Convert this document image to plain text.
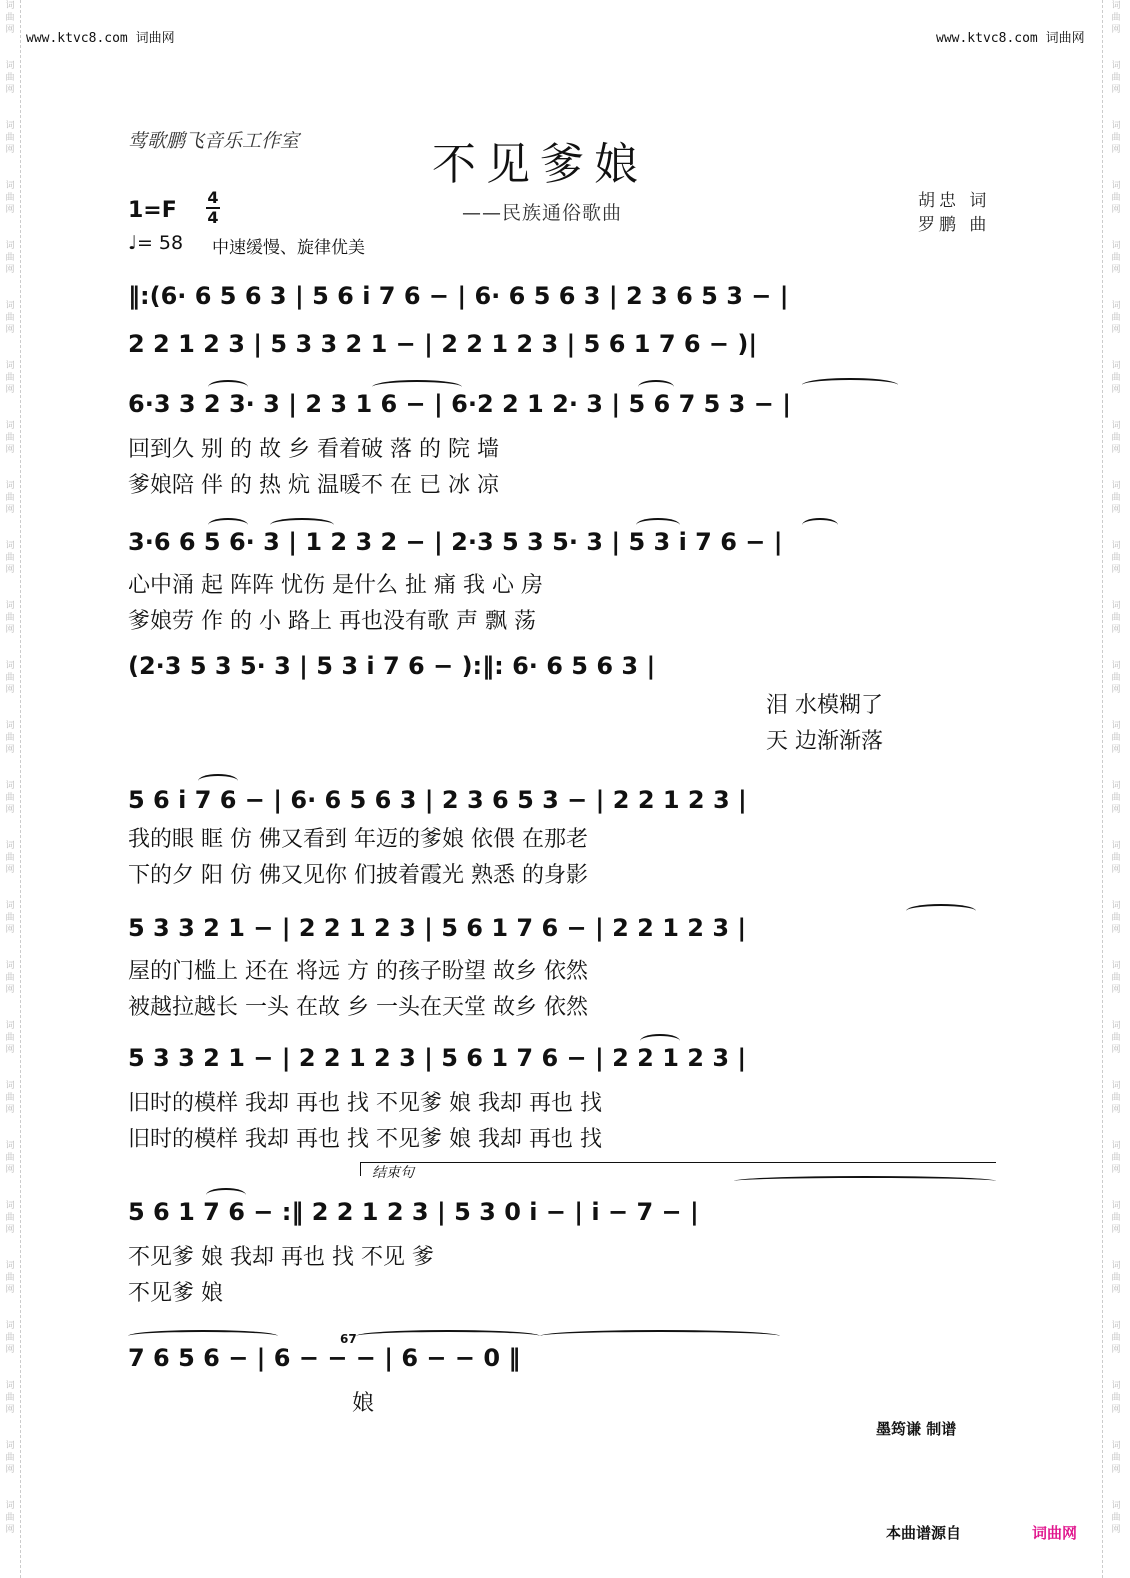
词
曲
网
词
曲
网
词
曲
网
词
曲
网
词
曲
网
词
曲
网
词
曲
网
词
曲
网
词
曲
网
词
曲
网
词
曲
网
词
曲
网
词
曲
网
词
曲
网
词
曲
网
词
曲
网
词
曲
网
词
曲
网
词
曲
网
词
曲
网
词
曲
网
词
曲
网
词
曲
网
词
曲
网
词
曲
网
词
曲
网
词
曲
网
词
曲
网
词
曲
网
词
曲
网
词
曲
网
词
曲
网
词
曲
网
词
曲
网
词
曲
网
词
曲
网
词
曲
网
词
曲
网
词
曲
网
词
曲
网
词
曲
网
词
曲
网
词
曲
网
词
曲
网
词
曲
网
词
曲
网
词
曲
网
词
曲
网
词
曲
网
词
曲
网
词
曲
网
词
曲
网
www.ktvc8.com 词曲网	www.ktvc8.com 词曲网
莺歌鹏飞音乐工作室	不见爹娘
——民族通俗歌曲
胡忠 词
罗鹏 曲
1=F
4
4
♩= 58 中速缓慢、旋律优美
‖:(6· 6 5 6 3 | 5 6 i 7 6 − | 6· 6 5 6 3 | 2 3 6 5 3 − |
2 2 1 2 3 | 5 3 3 2 1 − | 2 2 1 2 3 | 5 6 1 7 6 − )|
6·3 3 2 3· 3 | 2 3 1 6 − | 6·2 2 1 2· 3 | 5 6 7 5 3 − |
回到久 别 的 故 乡 看着破 落 的 院 墙
爹娘陪 伴 的 热 炕 温暖不 在 已 冰 凉
3·6 6 5 6· 3 | 1 2 3 2 − | 2·3 5 3 5· 3 | 5 3 i 7 6 − |
心中涌 起 阵阵 忧伤 是什么 扯 痛 我 心 房
爹娘劳 作 的 小 路上 再也没有歌 声 飘 荡
(2·3 5 3 5· 3 | 5 3 i 7 6 − ):‖: 6· 6 5 6 3 |
泪 水模糊了
天 边渐渐落
5 6 i 7 6 − | 6· 6 5 6 3 | 2 3 6 5 3 − | 2 2 1 2 3 |
我的眼 眶 仿 佛又看到 年迈的爹娘 依偎 在那老
下的夕 阳 仿 佛又见你 们披着霞光 熟悉 的身影
5 3 3 2 1 − | 2 2 1 2 3 | 5 6 1 7 6 − | 2 2 1 2 3 |
屋的门槛上 还在 将远 方 的孩子盼望 故乡 依然
被越拉越长 一头 在故 乡 一头在天堂 故乡 依然
5 3 3 2 1 − | 2 2 1 2 3 | 5 6 1 7 6 − | 2 2 1 2 3 |
旧时的模样 我却 再也 找 不见爹 娘 我却 再也 找
旧时的模样 我却 再也 找 不见爹 娘 我却 再也 找
结束句
5 6 1 7 6 − :‖ 2 2 1 2 3 | 5 3 0 i − | i − 7 − |
不见爹 娘 我却 再也 找 不见 爹
不见爹 娘
67
7 6 5 6 − | 6 − − − | 6 − − 0 ‖
娘
墨筠谦 制谱
本曲谱源自	词曲网
